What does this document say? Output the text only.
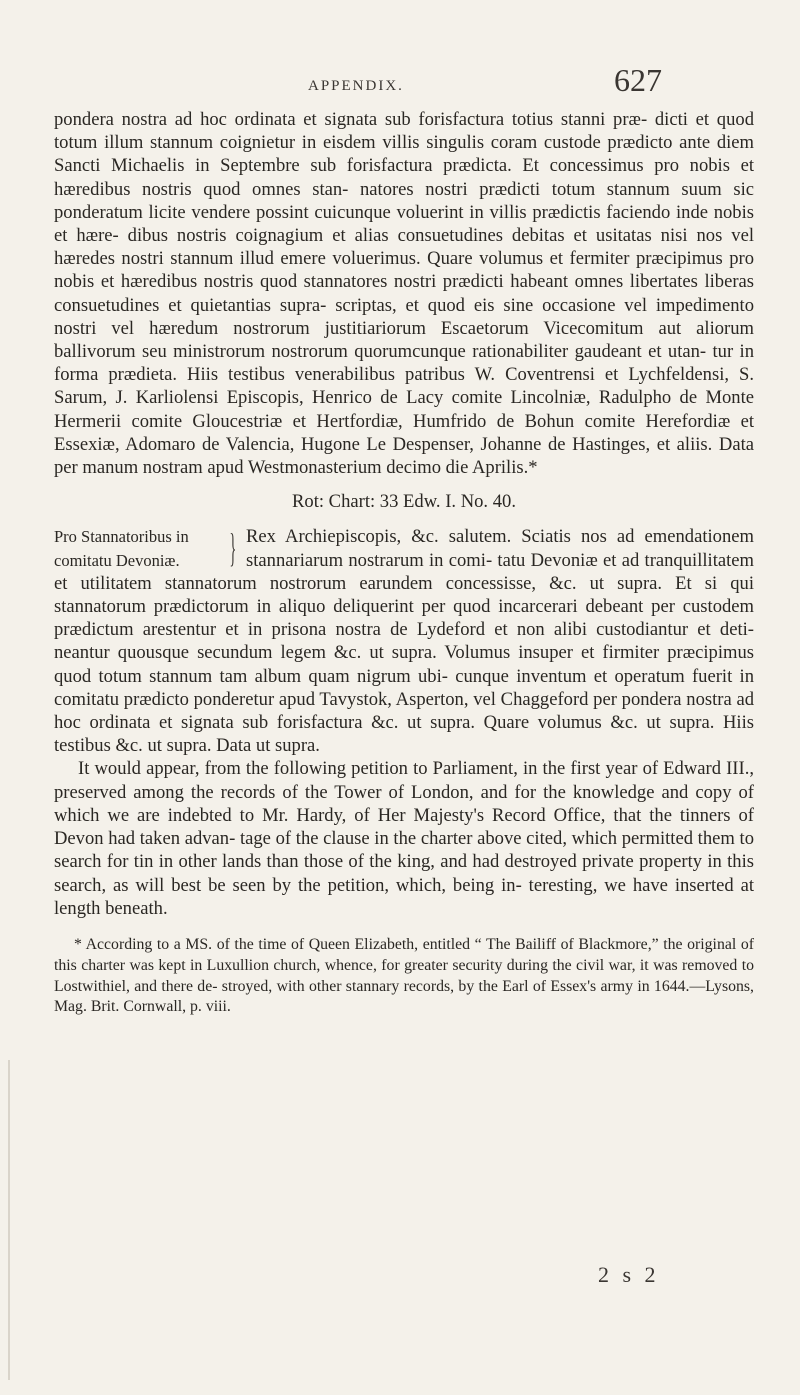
APPENDIX.	627

pondera nostra ad hoc ordinata et signata sub forisfactura totius stanni præ- dicti et quod totum illum stannum coignietur in eisdem villis singulis coram custode prædicto ante diem Sancti Michaelis in Septembre sub forisfactura prædicta. Et concessimus pro nobis et hæredibus nostris quod omnes stan- natores nostri prædicti totum stannum suum sic ponderatum licite vendere possint cuicunque voluerint in villis prædictis faciendo inde nobis et hære- dibus nostris coignagium et alias consuetudines debitas et usitatas nisi nos vel hæredes nostri stannum illud emere voluerimus. Quare volumus et fermiter præcipimus pro nobis et hæredibus nostris quod stannatores nostri prædicti habeant omnes libertates liberas consuetudines et quietantias supra- scriptas, et quod eis sine occasione vel impedimento nostri vel hæredum nostrorum justitiariorum Escaetorum Vicecomitum aut aliorum ballivorum seu ministrorum nostrorum quorumcunque rationabiliter gaudeant et utan- tur in forma prædieta. Hiis testibus venerabilibus patribus W. Coventrensi et Lychfeldensi, S. Sarum, J. Karliolensi Episcopis, Henrico de Lacy comite Lincolniæ, Radulpho de Monte Hermerii comite Gloucestriæ et Hertfordiæ, Humfrido de Bohun comite Herefordiæ et Essexiæ, Adomaro de Valencia, Hugone Le Despenser, Johanne de Hastinges, et aliis. Data per manum nostram apud Westmonasterium decimo die Aprilis.*

Rot: Chart: 33 Edw. I. No. 40.

Pro Stannatoribus in
comitatu Devoniæ.	} Rex Archiepiscopis, &c. salutem. Sciatis nos ad emendationem stannariarum nostrarum in comi- tatu Devoniæ et ad tranquillitatem et utilitatem stannatorum nostrorum earundem concessisse, &c. ut supra. Et si qui stannatorum prædictorum in aliquo deliquerint per quod incarcerari debeant per custodem prædictum arestentur et in prisona nostra de Lydeford et non alibi custodiantur et deti- neantur quousque secundum legem &c. ut supra. Volumus insuper et firmiter præcipimus quod totum stannum tam album quam nigrum ubi- cunque inventum et operatum fuerit in comitatu prædicto ponderetur apud Tavystok, Asperton, vel Chaggeford per pondera nostra ad hoc ordinata et signata sub forisfactura &c. ut supra. Quare volumus &c. ut supra. Hiis testibus &c. ut supra. Data ut supra.

It would appear, from the following petition to Parliament, in the first year of Edward III., preserved among the records of the Tower of London, and for the knowledge and copy of which we are indebted to Mr. Hardy, of Her Majesty's Record Office, that the tinners of Devon had taken advan- tage of the clause in the charter above cited, which permitted them to search for tin in other lands than those of the king, and had destroyed private property in this search, as will best be seen by the petition, which, being in- teresting, we have inserted at length beneath.

* According to a MS. of the time of Queen Elizabeth, entitled “ The Bailiff of Blackmore,” the original of this charter was kept in Luxullion church, whence, for greater security during the civil war, it was removed to Lostwithiel, and there de- stroyed, with other stannary records, by the Earl of Essex's army in 1644.—Lysons, Mag. Brit. Cornwall, p. viii.

2 s 2
